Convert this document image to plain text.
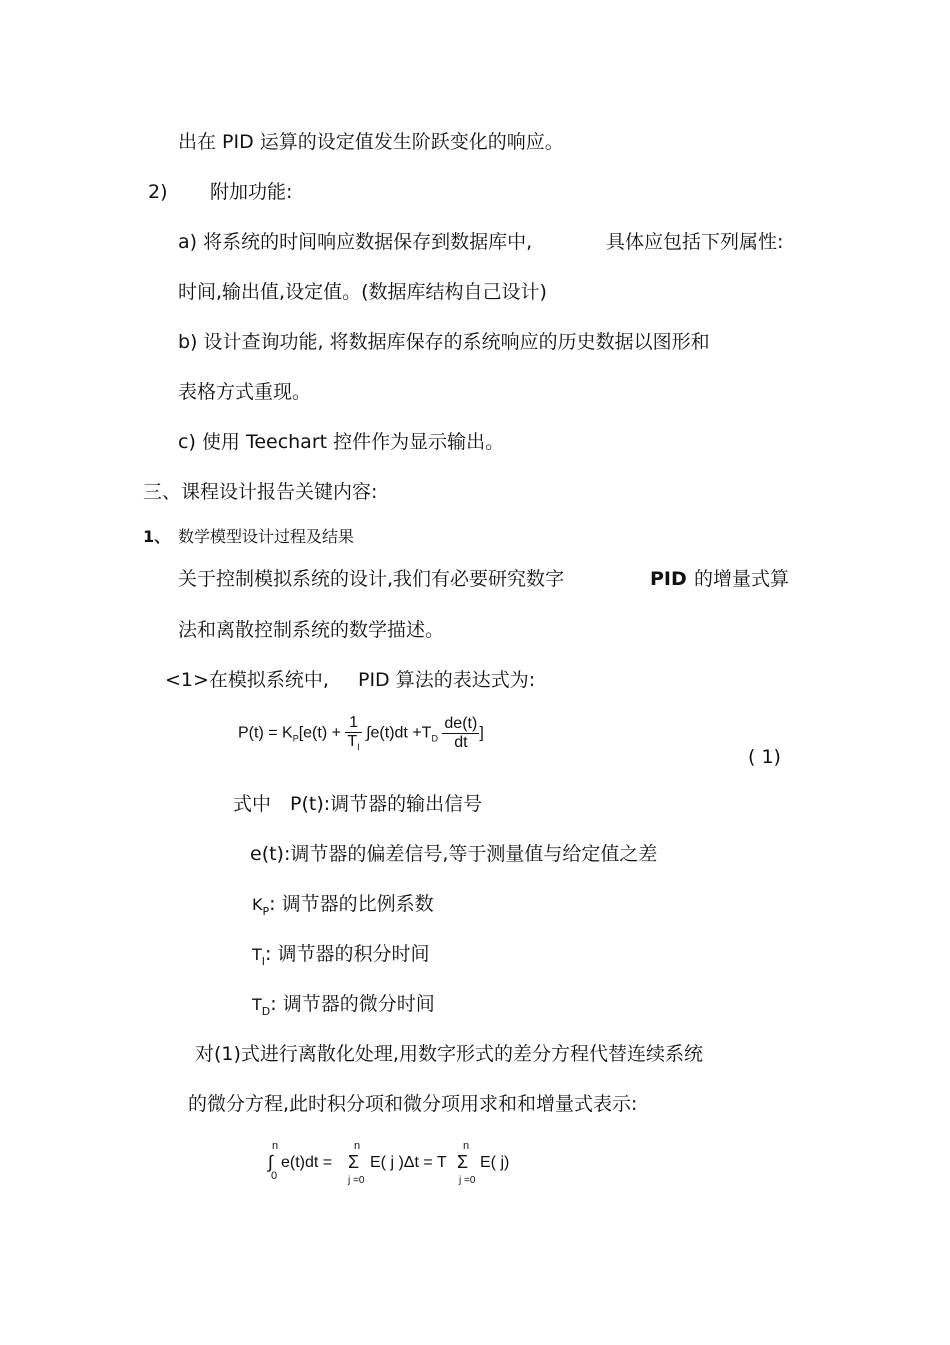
出在 PID 运算的设定值发生阶跃变化的响应。
2) 附加功能:
a) 将系统的时间响应数据保存到数据库中,	具体应包括下列属性:
时间,输出值,设定值。(数据库结构自己设计)
b) 设计查询功能, 将数据库保存的系统响应的历史数据以图形和
表格方式重现。
c) 使用 Teechart 控件作为显示输出。
三、课程设计报告关键内容:
1、 数学模型设计过程及结果
关于控制模拟系统的设计,我们有必要研究数字	PID 的增量式算
法和离散控制系统的数学描述。
<1>在模拟系统中, PID 算法的表达式为:
$P(t) = K_P[e(t) + \frac{1}{T_I} \int e(t)dt +T_D \frac{de(t)}{dt}$ ]
( 1)
式中 P(t):调节器的输出信号
e(t):调节器的偏差信号,等于测量值与给定值之差
$K_P$: 调节器的比例系数
$T_I$: 调节器的积分时间
$T_D$: 调节器的微分时间
对(1)式进行离散化处理,用数字形式的差分方程代替连续系统
的微分方程,此时积分项和微分项用求和和增量式表示:
n
∫
0
e(t)dt =
n
Σ
j =0
E( j )Δt = T
n
Σ
j =0
E( j)
